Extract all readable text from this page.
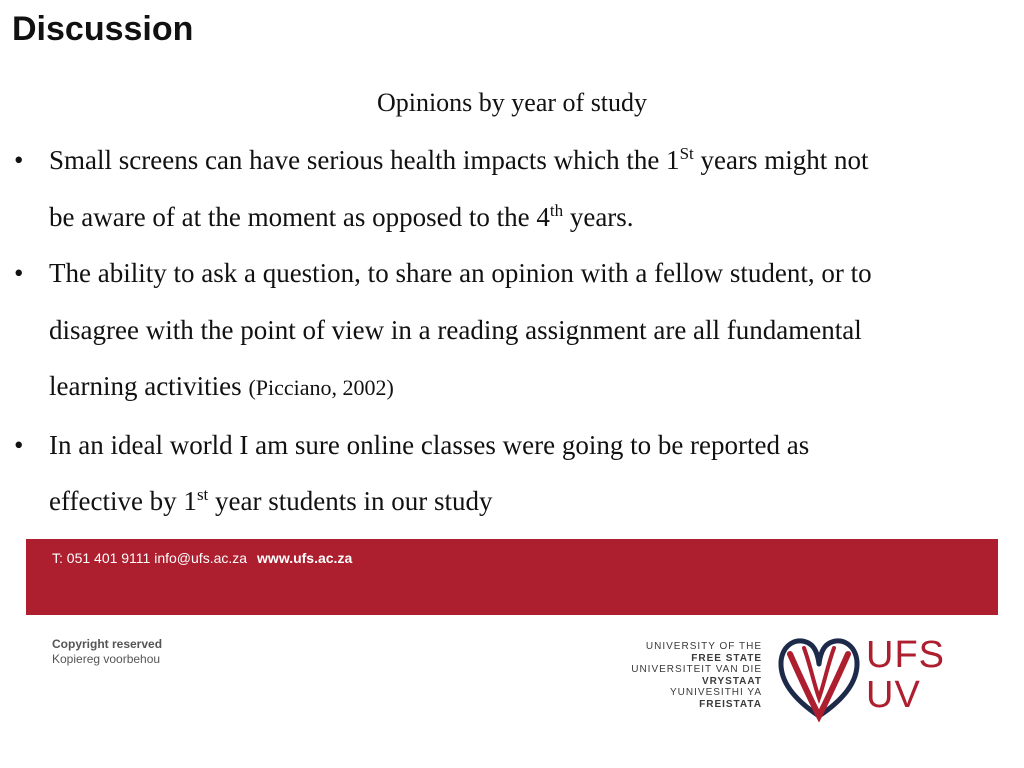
Discussion
Opinions by year of study
• Small screens can have serious health impacts which the 1St years might not
be aware of at the moment as opposed to the 4th years.
• The ability to ask a question, to share an opinion with a fellow student, or to
disagree with the point of view in a reading assignment are all fundamental
learning activities (Picciano, 2002)
• In an ideal world I am sure online classes were going to be reported as
effective by 1st year students in our study
T: 051 401 9111 info@ufs.ac.za www.ufs.ac.za
Copyright reserved
Kopiereg voorbehou
UNIVERSITY OF THE
FREE STATE
UNIVERSITEIT VAN DIE
VRYSTAAT
YUNIVESITHI YA
FREISTATA
UFS
UV
